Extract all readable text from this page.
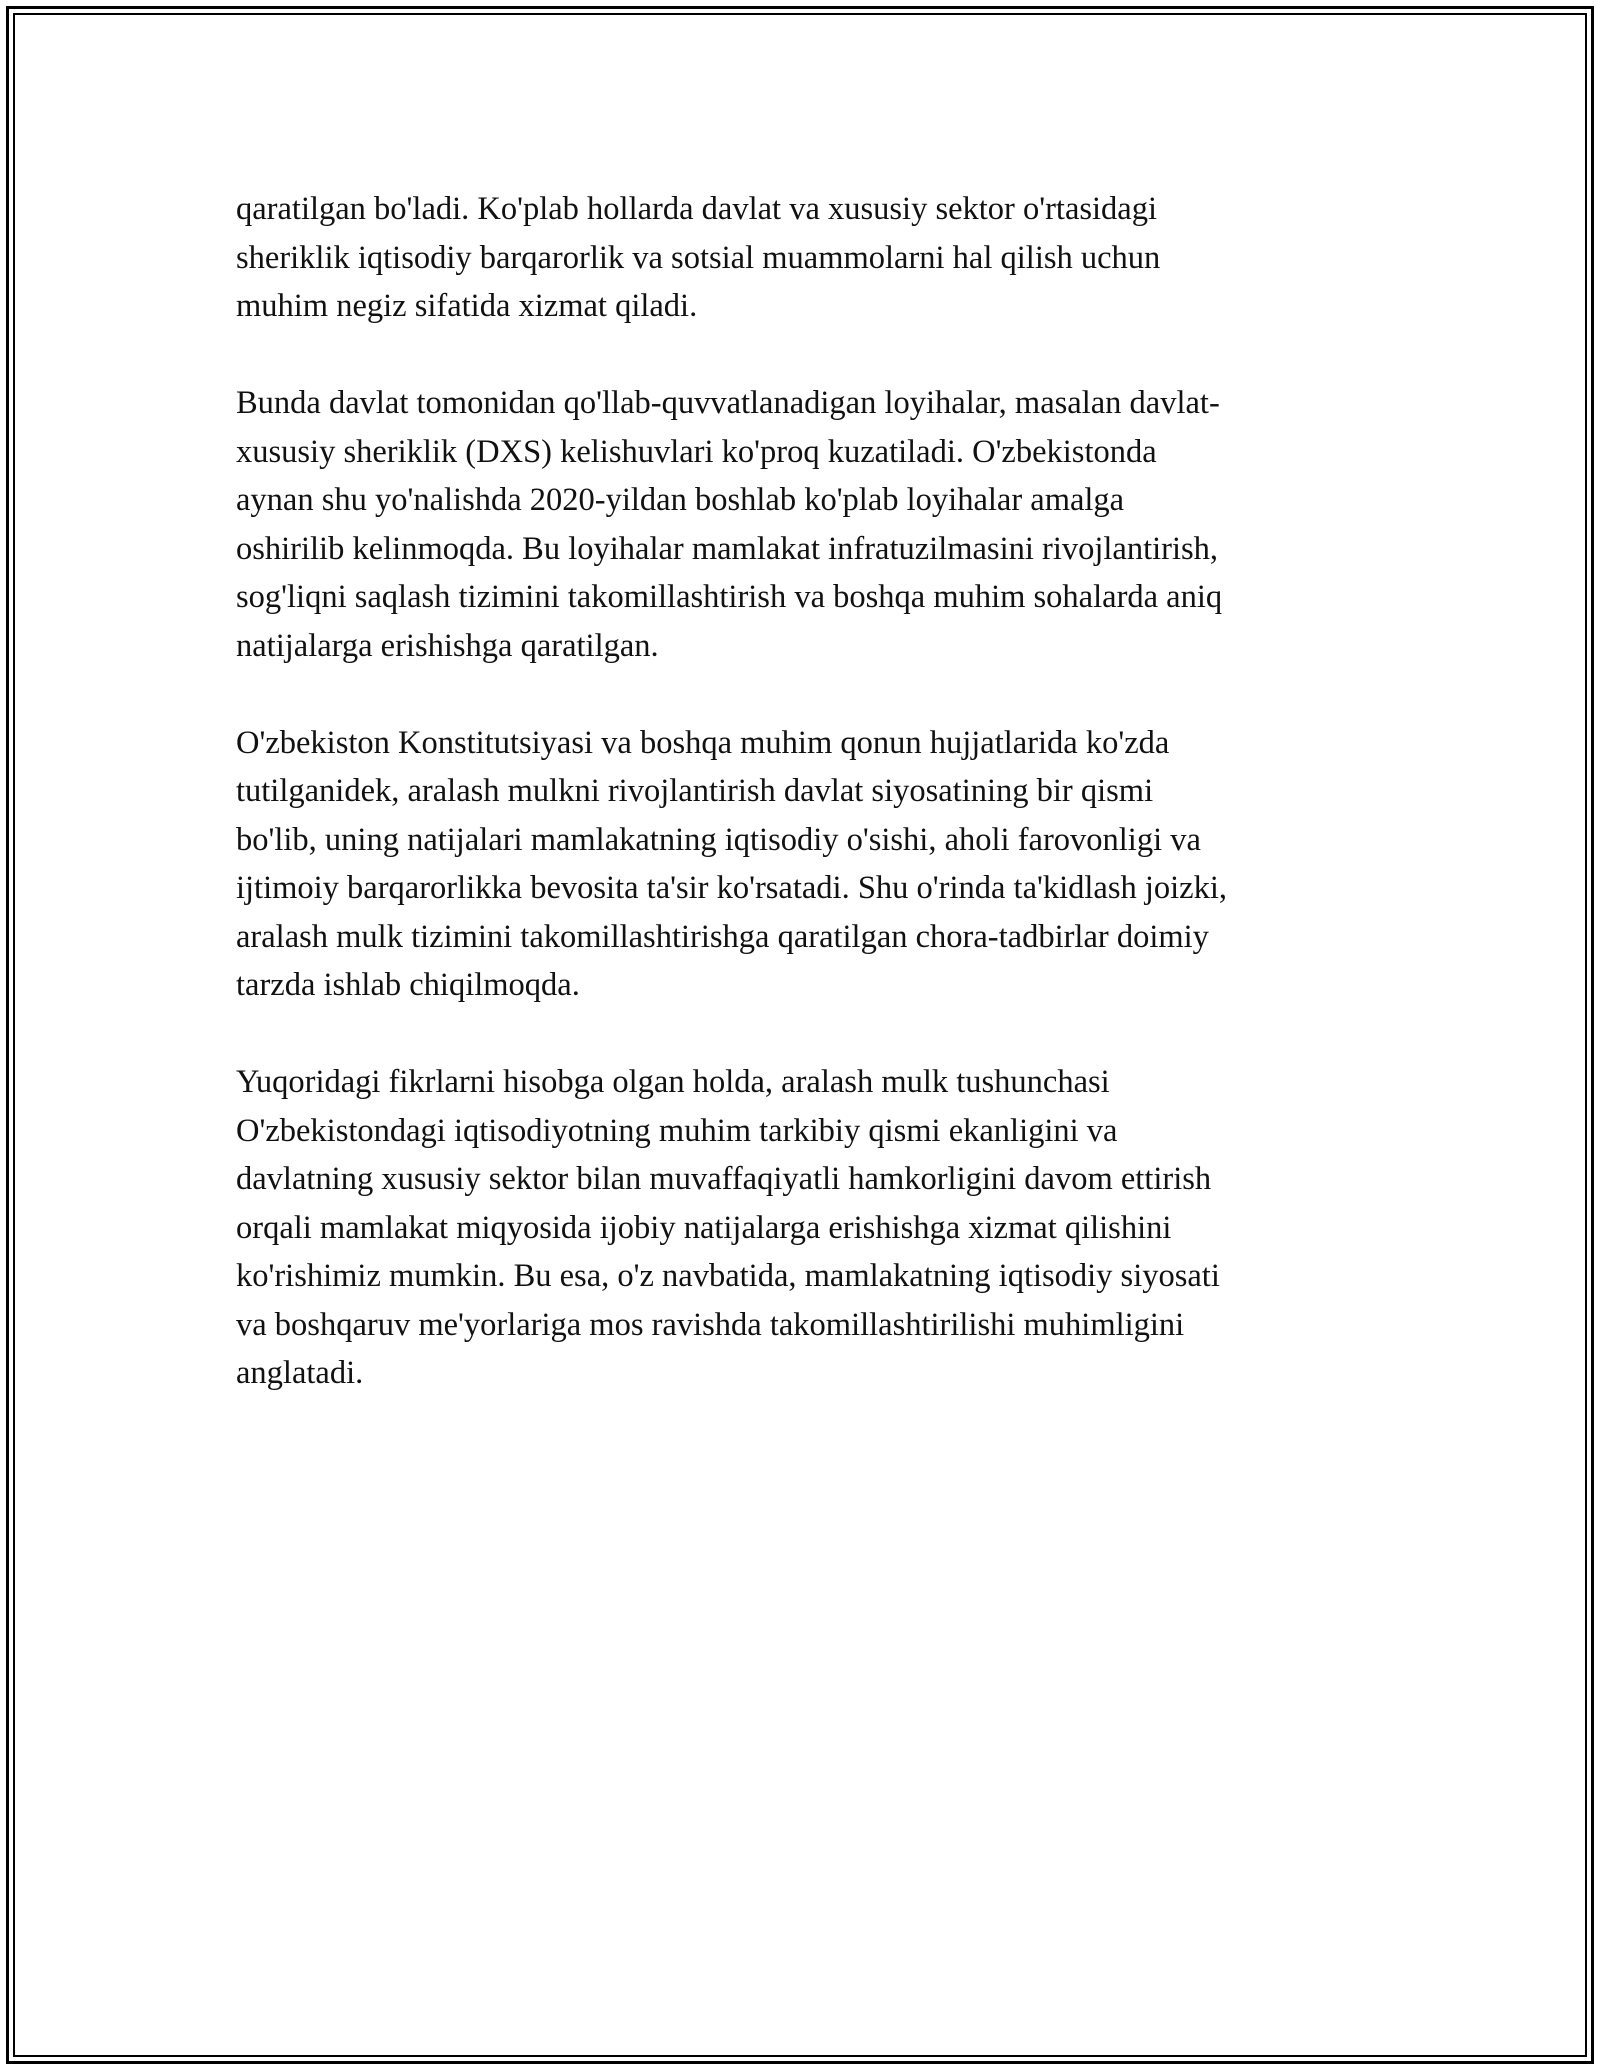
qaratilgan bo'ladi. Ko'plab hollarda davlat va xususiy sektor o'rtasidagi
sheriklik iqtisodiy barqarorlik va sotsial muammolarni hal qilish uchun
muhim negiz sifatida xizmat qiladi.

Bunda davlat tomonidan qo'llab-quvvatlanadigan loyihalar, masalan davlat-
xususiy sheriklik (DXS) kelishuvlari ko'proq kuzatiladi. O'zbekistonda
aynan shu yo'nalishda 2020-yildan boshlab ko'plab loyihalar amalga
oshirilib kelinmoqda. Bu loyihalar mamlakat infratuzilmasini rivojlantirish,
sog'liqni saqlash tizimini takomillashtirish va boshqa muhim sohalarda aniq
natijalarga erishishga qaratilgan.

O'zbekiston Konstitutsiyasi va boshqa muhim qonun hujjatlarida ko'zda
tutilganidek, aralash mulkni rivojlantirish davlat siyosatining bir qismi
bo'lib, uning natijalari mamlakatning iqtisodiy o'sishi, aholi farovonligi va
ijtimoiy barqarorlikka bevosita ta'sir ko'rsatadi. Shu o'rinda ta'kidlash joizki,
aralash mulk tizimini takomillashtirishga qaratilgan chora-tadbirlar doimiy
tarzda ishlab chiqilmoqda.

Yuqoridagi fikrlarni hisobga olgan holda, aralash mulk tushunchasi
O'zbekistondagi iqtisodiyotning muhim tarkibiy qismi ekanligini va
davlatning xususiy sektor bilan muvaffaqiyatli hamkorligini davom ettirish
orqali mamlakat miqyosida ijobiy natijalarga erishishga xizmat qilishini
ko'rishimiz mumkin. Bu esa, o'z navbatida, mamlakatning iqtisodiy siyosati
va boshqaruv me'yorlariga mos ravishda takomillashtirilishi muhimligini
anglatadi.
